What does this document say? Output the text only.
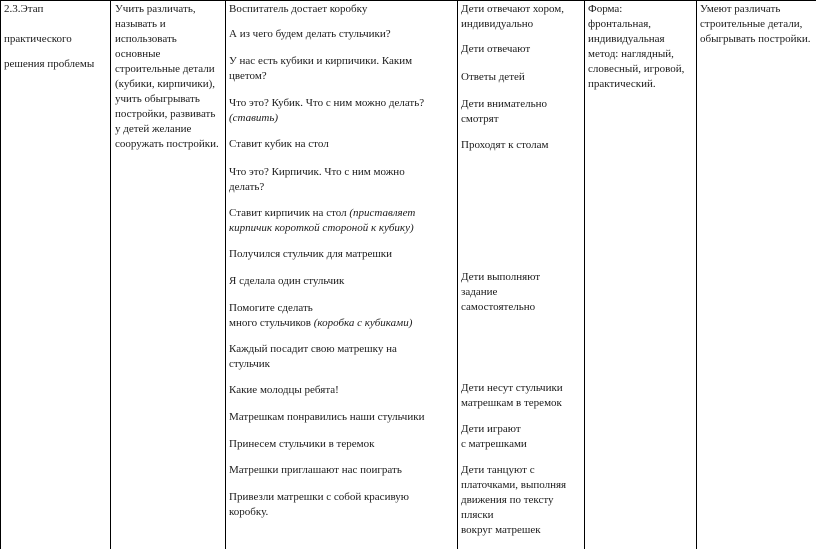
2.3.Этап
практического
решения проблемы

Учить различать, называть и использовать основные строительные детали (кубики, кирпичики), учить обыгрывать постройки, развивать у детей желание сооружать постройки.

Воспитатель достает коробку

А из чего будем делать стульчики?

У нас есть кубики и кирпичики. Каким цветом?

Что это? Кубик. Что с ним можно делать? (ставить)

Ставит кубик на стол

Что это? Кирпичик. Что с ним можно делать?

Ставит кирпичик на стол (приставляет кирпичик короткой стороной к кубику)

Получился стульчик для матрешки

Я сделала один стульчик

Помогите сделать
много стульчиков (коробка с кубиками)

Каждый посадит свою матрешку на стульчик

Какие молодцы ребята!

Матрешкам понравились наши стульчики

Принесем стульчики в теремок

Матрешки приглашают нас поиграть

Привезли матрешки с собой красивую коробку.

Дети отвечают хором, индивидуально

Дети отвечают

Ответы детей

Дети внимательно смотрят

Проходят к столам

Дети выполняют
задание
самостоятельно

Дети несут стульчики матрешкам в теремок

Дети играют
с матрешками

Дети танцуют с
платочками, выполняя движения по тексту
пляски
вокруг матрешек

Форма:
фронтальная,
индивидуальная
метод: наглядный,
словесный, игровой,
практический.

Умеют различать строительные детали, обыгрывать постройки.
